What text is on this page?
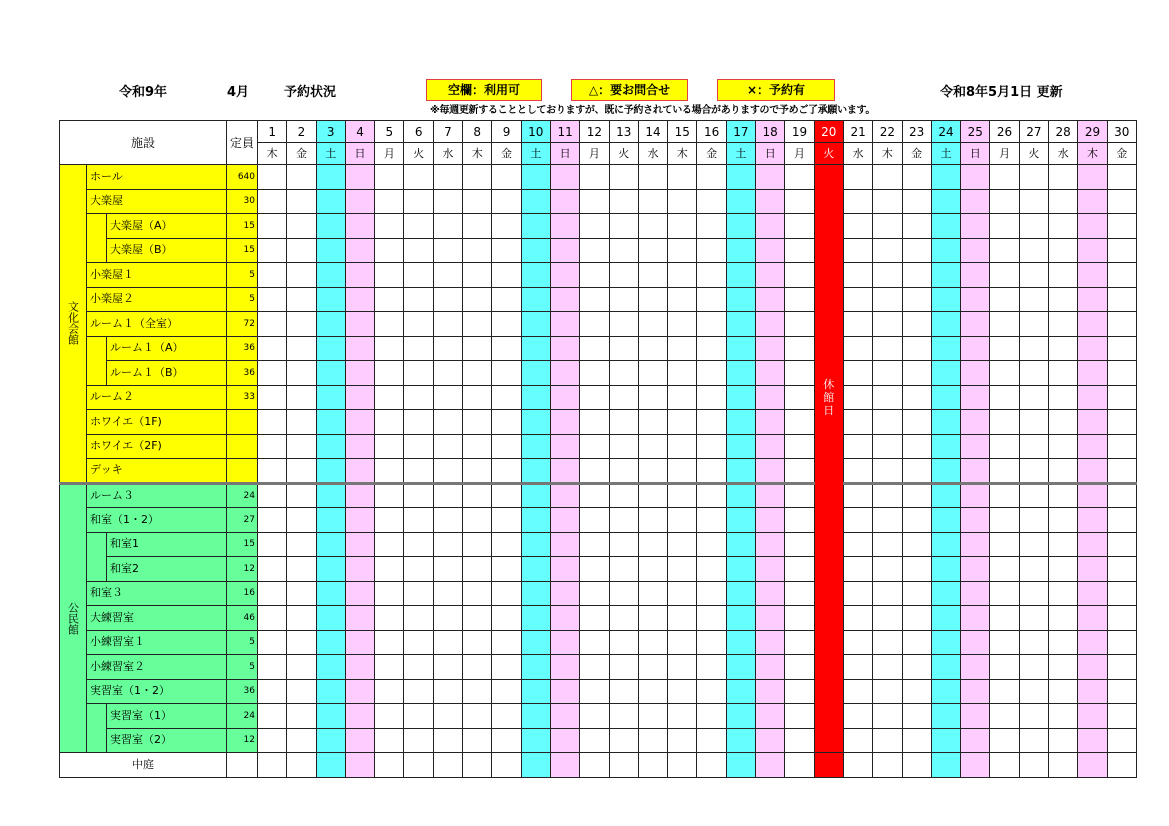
令和9年	4月	予約状況	空欄：利用可	△：要お問合せ	×：予約有	令和8年5月1日 更新
※毎週更新することとしておりますが、既に予約されている場合がありますので予めご了承願います。
施設			定員	1	2	3	4	5	6	7	8	9	10	11	12	13	14	15	16	17	18	19	20	21	22	23	24	25	26	27	28	29	30
				木	金	土	日	月	火	水	木	金	土	日	月	火	水	木	金	土	日	月	火	水	木	金	土	日	月	火	水	木	金
文化会館	ホール		640																				休館日										

	大楽屋		30																														
		大楽屋（A）	15																														
		大楽屋（B）	15																														
	小楽屋１		5																														
	小楽屋２		5																														
	ルーム１（全室）		72																														
		ルーム１（A）	36																														
		ルーム１（B）	36																														
	ルーム２		33																														
	ホワイエ（1F)																																
	ホワイエ（2F)																																
	デッキ																																
公民館	ルーム３		24																														
	和室（1・2）		27																														
		和室1	15																														
		和室2	12																														
	和室３		16																														
	大練習室		46																														
	小練習室１		5																														
	小練習室２		5																														
	実習室（1・2）		36																														
		実習室（1）	24																														
		実習室（2）	12																														
中庭																																	
